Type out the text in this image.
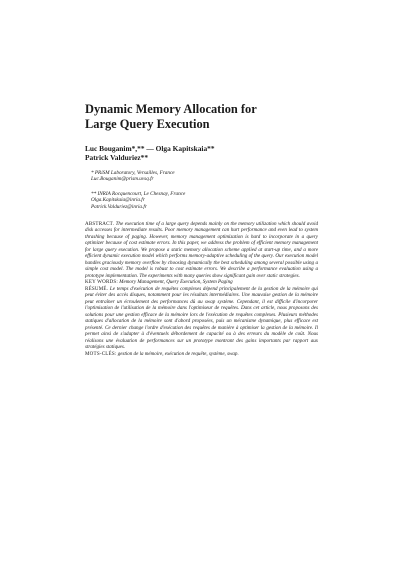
Dynamic Memory Allocation for
Large Query Execution
Luc Bouganim*,** — Olga Kapitskaia**
Patrick Valduriez**
* PRiSM Laboratory, Versailles, France
Luc.Bouganim@prism.uvsq.fr
** INRIA Rocquencourt, Le Chesnay, France
Olga.Kapitskaia@inria.fr
Patrick.Valduriez@inria.fr

ABSTRACT. The execution time of a large query depends mainly on the memory utilization which should avoid disk accesses for intermediate results. Poor memory management can hurt performance and even lead to system thrashing because of paging. However, memory management optimization is hard to incorporate in a query optimizer because of cost estimate errors. In this paper, we address the problem of efficient memory management for large query execution. We propose a static memory allocation scheme applied at start-up time, and a more efficient dynamic execution model which performs memory-adaptive scheduling of the query. Our execution model handles graciously memory overflow by choosing dynamically the best scheduling among several possible using a simple cost model. The model is robust to cost estimate errors. We describe a performance evaluation using a prototype implementation. The experiments with many queries show significant gain over static strategies.

KEY WORDS: Memory Management, Query Execution, System Paging

RÉSUMÉ. Le temps d'exécution de requêtes complexes dépend principalement de la gestion de la mémoire qui peut éviter des accès disques, notamment pour les résultats intermédiaires. Une mauvaise gestion de la mémoire peut entraîner un écroulement des performances dû au swap système. Cependant, il est difficile d'incorporer l'optimisation de l'utilisation de la mémoire dans l'optimiseur de requêtes. Dans cet article, nous proposons des solutions pour une gestion efficace de la mémoire lors de l'exécution de requêtes complexes. Plusieurs méthodes statiques d'allocation de la mémoire sont d'abord proposées, puis un mécanisme dynamique, plus efficace est présenté. Ce dernier change l'ordre d'exécution des requêtes de manière à optimiser la gestion de la mémoire. Il permet ainsi de s'adapter à d'éventuels débordement de capacité ou à des erreurs du modèle de coût. Nous réalisons une évaluation de performances sur un prototype montrant des gains importants par rapport aux stratégies statiques.

MOTS-CLÉS: gestion de la mémoire, exécution de requête, système, swap.
